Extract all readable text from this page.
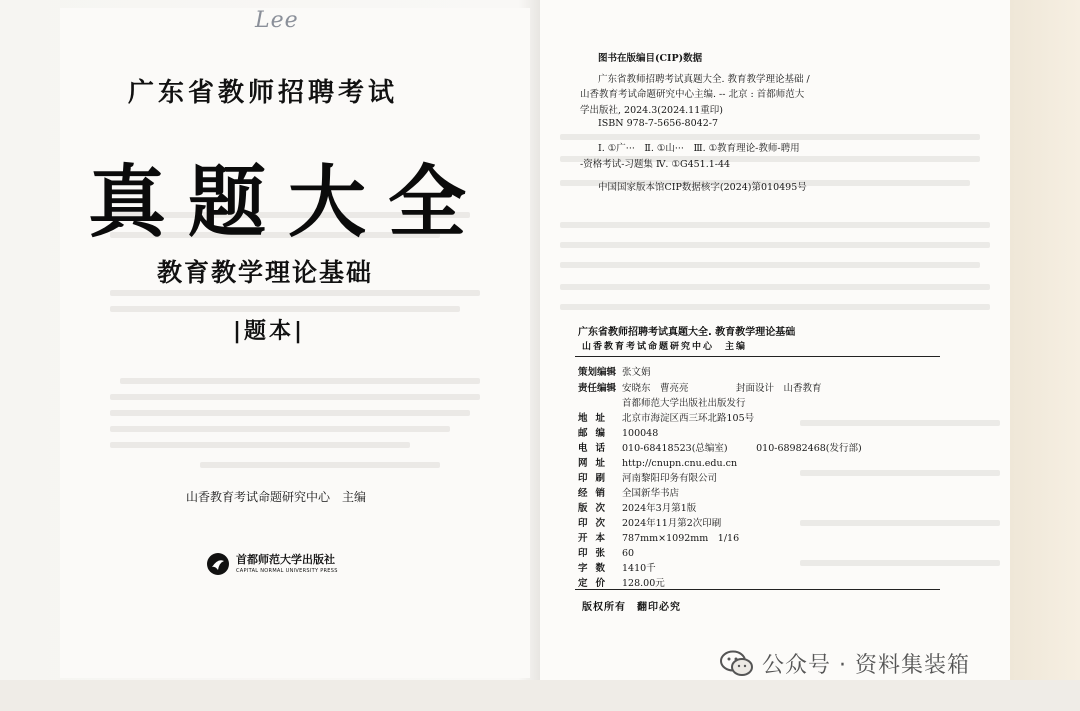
Lee
广东省教师招聘考试
真题大全
教育教学理论基础
|题本|
山香教育考试命题研究中心　主编
首都师范大学出版社
CAPITAL NORMAL UNIVERSITY PRESS
图书在版编目(CIP)数据
广东省教师招聘考试真题大全. 教育教学理论基础 /
山香教育考试命题研究中心主编. -- 北京 : 首都师范大
学出版社, 2024.3(2024.11重印)
ISBN 978-7-5656-8042-7
Ⅰ. ①广···　Ⅱ. ①山···　Ⅲ. ①教育理论-教师-聘用
-资格考试-习题集 Ⅳ. ①G451.1-44
中国国家版本馆CIP数据核字(2024)第010495号
广东省教师招聘考试真题大全. 教育教学理论基础
山香教育考试命题研究中心　主编
策划编辑 张文娟
责任编辑 安晓东　曹亮亮　　　　　封面设计　山香教育
首都师范大学出版社出版发行
地址 北京市海淀区西三环北路105号
邮编 100048
电话 010-68418523(总编室)　　　010-68982468(发行部)
网址 http://cnupn.cnu.edu.cn
印刷 河南黎阳印务有限公司
经销 全国新华书店
版次 2024年3月第1版
印次 2024年11月第2次印刷
开本 787mm×1092mm　1/16
印张 60
字数 1410千
定价 128.00元
版权所有　翻印必究
公众号 · 资料集装箱
